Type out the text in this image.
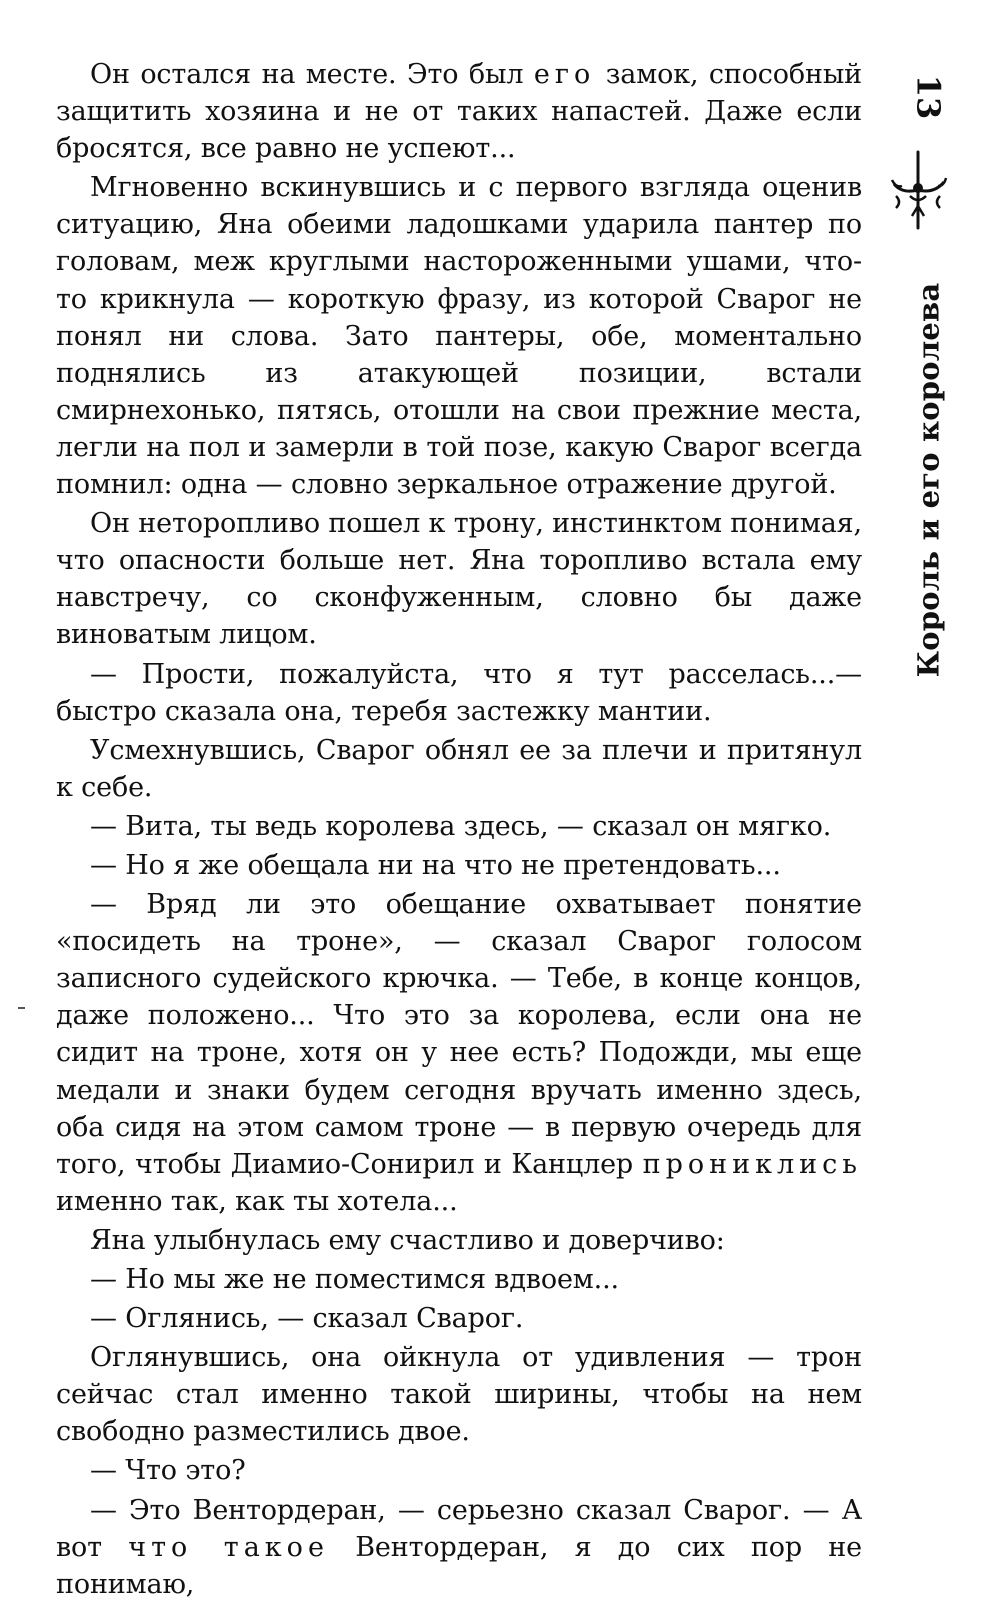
Он остался на месте. Это был его замок, способный защитить хозяина и не от таких напастей. Даже если бросятся, все равно не успеют...

Мгновенно вскинувшись и с первого взгляда оценив ситуацию, Яна обеими ладошками ударила пантер по головам, меж круглыми настороженными ушами, что-то крикнула — короткую фразу, из которой Сварог не понял ни слова. Зато пантеры, обе, моментально поднялись из атакующей позиции, встали смирнехонько, пятясь, отошли на свои прежние места, легли на пол и замерли в той позе, какую Сварог всегда помнил: одна — словно зеркальное отражение другой.

Он неторопливо пошел к трону, инстинктом понимая, что опасности больше нет. Яна торопливо встала ему навстречу, со сконфуженным, словно бы даже виноватым лицом.

— Прости, пожалуйста, что я тут расселась...— быстро сказала она, теребя застежку мантии.

Усмехнувшись, Сварог обнял ее за плечи и притянул к себе.

— Вита, ты ведь королева здесь, — сказал он мягко.

— Но я же обещала ни на что не претендовать...

— Вряд ли это обещание охватывает понятие «посидеть на троне», — сказал Сварог голосом записного судейского крючка. — Тебе, в конце концов, даже положено... Что это за королева, если она не сидит на троне, хотя он у нее есть? Подожди, мы еще медали и знаки будем сегодня вручать именно здесь, оба сидя на этом самом троне — в первую очередь для того, чтобы Диамио-Сонирил и Канцлер прониклись именно так, как ты хотела...

Яна улыбнулась ему счастливо и доверчиво:

— Но мы же не поместимся вдвоем...

— Оглянись, — сказал Сварог.

Оглянувшись, она ойкнула от удивления — трон сейчас стал именно такой ширины, чтобы на нем свободно разместились двое.

— Что это?

— Это Вентордеран, — серьезно сказал Сварог. — А вот что такое Вентордеран, я до сих пор не понимаю,

13
Король и его королева
